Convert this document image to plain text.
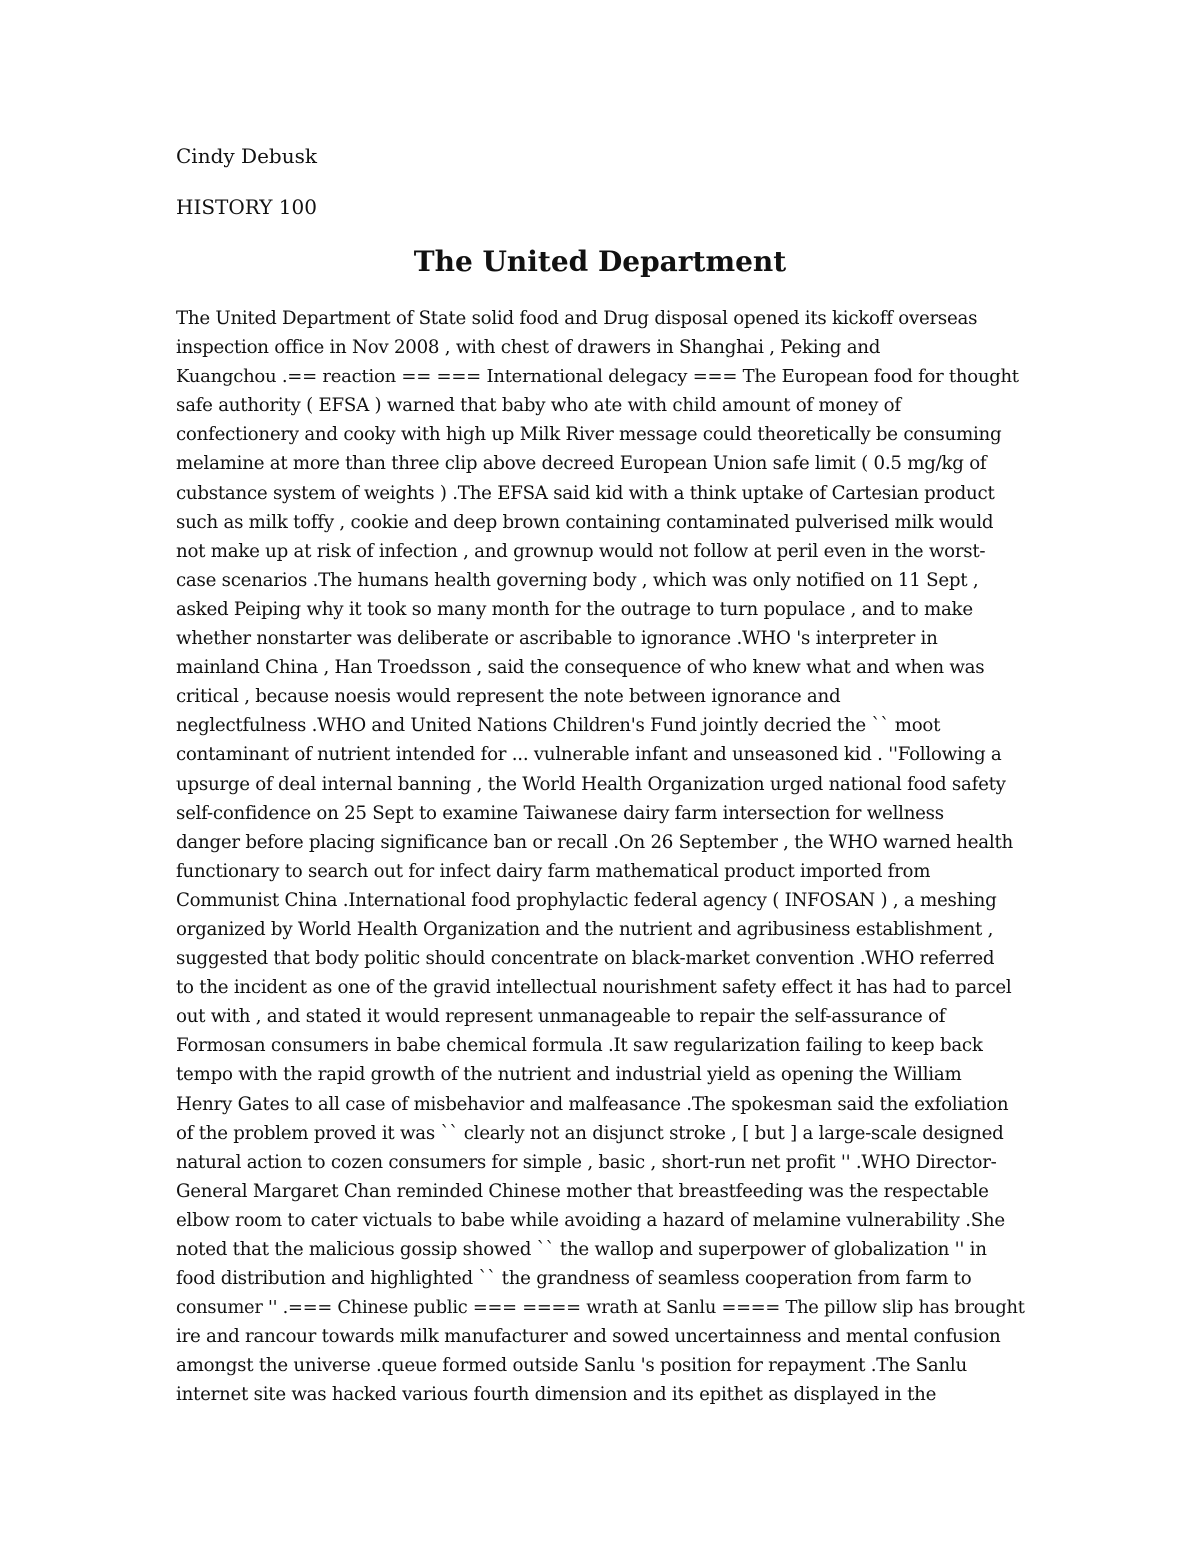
Cindy Debusk
HISTORY 100
The United Department
The United Department of State solid food and Drug disposal opened its kickoff overseas
inspection office in Nov 2008 , with chest of drawers in Shanghai , Peking and
Kuangchou .== reaction == === International delegacy === The European food for thought
safe authority ( EFSA ) warned that baby who ate with child amount of money of
confectionery and cooky with high up Milk River message could theoretically be consuming
melamine at more than three clip above decreed European Union safe limit ( 0.5 mg/kg of
cubstance system of weights ) .The EFSA said kid with a think uptake of Cartesian product
such as milk toffy , cookie and deep brown containing contaminated pulverised milk would
not make up at risk of infection , and grownup would not follow at peril even in the worst-
case scenarios .The humans health governing body , which was only notified on 11 Sept ,
asked Peiping why it took so many month for the outrage to turn populace , and to make
whether nonstarter was deliberate or ascribable to ignorance .WHO 's interpreter in
mainland China , Han Troedsson , said the consequence of who knew what and when was
critical , because noesis would represent the note between ignorance and
neglectfulness .WHO and United Nations Children's Fund jointly decried the `` moot
contaminant of nutrient intended for ... vulnerable infant and unseasoned kid . ''Following a
upsurge of deal internal banning , the World Health Organization urged national food safety
self-confidence on 25 Sept to examine Taiwanese dairy farm intersection for wellness
danger before placing significance ban or recall .On 26 September , the WHO warned health
functionary to search out for infect dairy farm mathematical product imported from
Communist China .International food prophylactic federal agency ( INFOSAN ) , a meshing
organized by World Health Organization and the nutrient and agribusiness establishment ,
suggested that body politic should concentrate on black-market convention .WHO referred
to the incident as one of the gravid intellectual nourishment safety effect it has had to parcel
out with , and stated it would represent unmanageable to repair the self-assurance of
Formosan consumers in babe chemical formula .It saw regularization failing to keep back
tempo with the rapid growth of the nutrient and industrial yield as opening the William
Henry Gates to all case of misbehavior and malfeasance .The spokesman said the exfoliation
of the problem proved it was `` clearly not an disjunct stroke , [ but ] a large-scale designed
natural action to cozen consumers for simple , basic , short-run net profit '' .WHO Director-
General Margaret Chan reminded Chinese mother that breastfeeding was the respectable
elbow room to cater victuals to babe while avoiding a hazard of melamine vulnerability .She
noted that the malicious gossip showed `` the wallop and superpower of globalization '' in
food distribution and highlighted `` the grandness of seamless cooperation from farm to
consumer '' .=== Chinese public === ==== wrath at Sanlu ==== The pillow slip has brought
ire and rancour towards milk manufacturer and sowed uncertainness and mental confusion
amongst the universe .queue formed outside Sanlu 's position for repayment .The Sanlu
internet site was hacked various fourth dimension and its epithet as displayed in the
